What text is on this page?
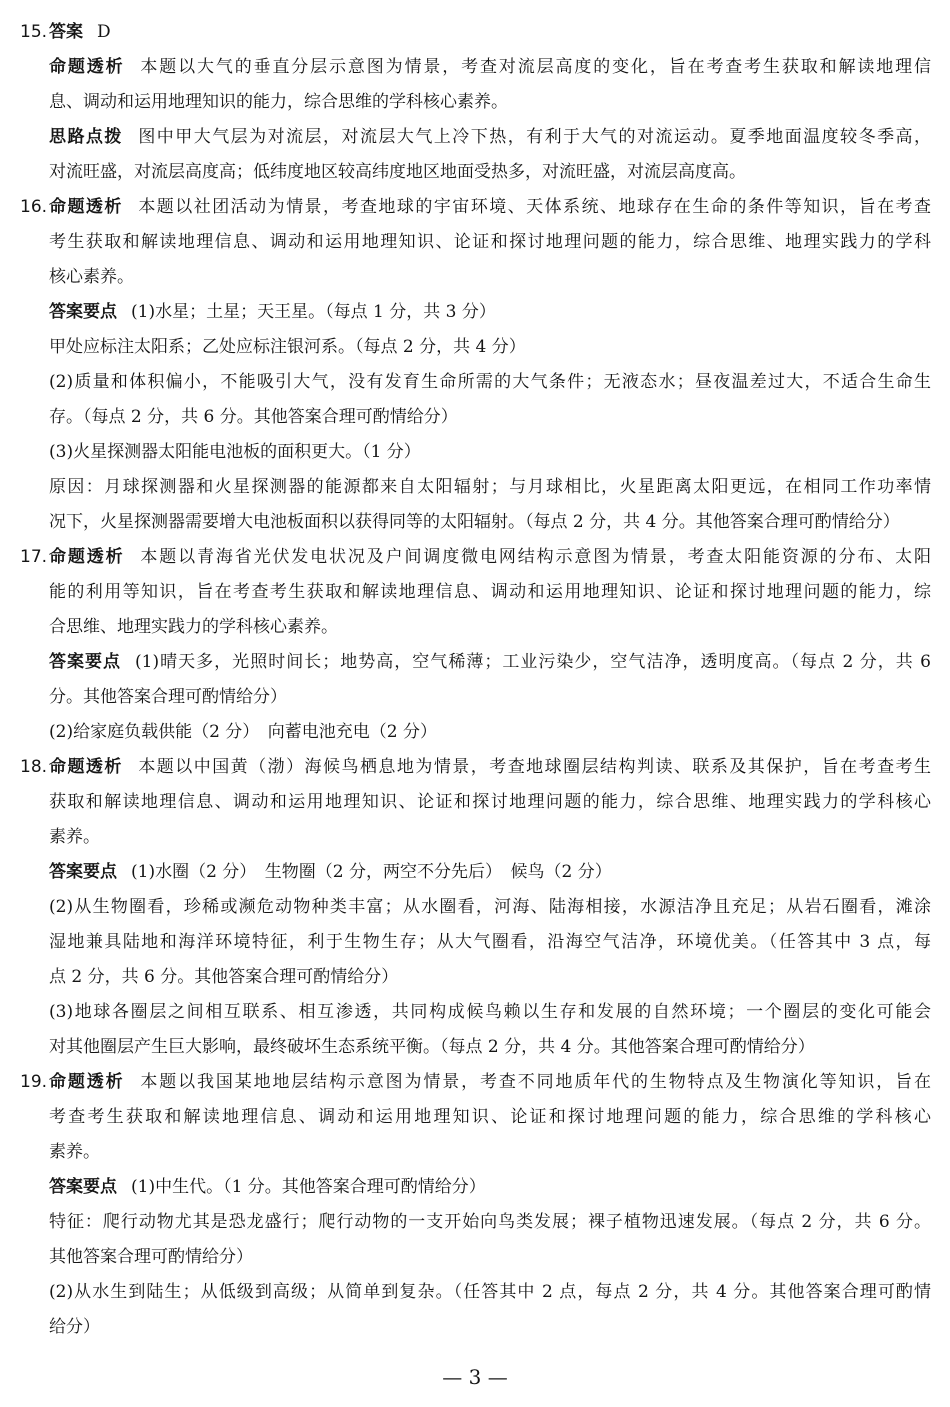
15. 答案 D
命题透析 本题以大气的垂直分层示意图为情景，考查对流层高度的变化，旨在考查考生获取和解读地理信
息、调动和运用地理知识的能力，综合思维的学科核心素养。
思路点拨 图中甲大气层为对流层，对流层大气上冷下热，有利于大气的对流运动。夏季地面温度较冬季高，
对流旺盛，对流层高度高；低纬度地区较高纬度地区地面受热多，对流旺盛，对流层高度高。
16. 命题透析 本题以社团活动为情景，考查地球的宇宙环境、天体系统、地球存在生命的条件等知识，旨在考查
考生获取和解读地理信息、调动和运用地理知识、论证和探讨地理问题的能力，综合思维、地理实践力的学科
核心素养。
答案要点 (1)水星；土星；天王星。（每点 1 分，共 3 分）
甲处应标注太阳系；乙处应标注银河系。（每点 2 分，共 4 分）
(2)质量和体积偏小，不能吸引大气，没有发育生命所需的大气条件；无液态水；昼夜温差过大，不适合生命生
存。（每点 2 分，共 6 分。其他答案合理可酌情给分）
(3)火星探测器太阳能电池板的面积更大。（1 分）
原因：月球探测器和火星探测器的能源都来自太阳辐射；与月球相比，火星距离太阳更远，在相同工作功率情
况下，火星探测器需要增大电池板面积以获得同等的太阳辐射。（每点 2 分，共 4 分。其他答案合理可酌情给分）
17. 命题透析 本题以青海省光伏发电状况及户间调度微电网结构示意图为情景，考查太阳能资源的分布、太阳
能的利用等知识，旨在考查考生获取和解读地理信息、调动和运用地理知识、论证和探讨地理问题的能力，综
合思维、地理实践力的学科核心素养。
答案要点 (1)晴天多，光照时间长；地势高，空气稀薄；工业污染少，空气洁净，透明度高。（每点 2 分，共 6
分。其他答案合理可酌情给分）
(2)给家庭负载供能（2 分）　向蓄电池充电（2 分）
18. 命题透析 本题以中国黄（渤）海候鸟栖息地为情景，考查地球圈层结构判读、联系及其保护，旨在考查考生
获取和解读地理信息、调动和运用地理知识、论证和探讨地理问题的能力，综合思维、地理实践力的学科核心
素养。
答案要点 (1)水圈（2 分）　生物圈（2 分，两空不分先后）　候鸟（2 分）
(2)从生物圈看，珍稀或濒危动物种类丰富；从水圈看，河海、陆海相接，水源洁净且充足；从岩石圈看，滩涂
湿地兼具陆地和海洋环境特征，利于生物生存；从大气圈看，沿海空气洁净，环境优美。（任答其中 3 点，每
点 2 分，共 6 分。其他答案合理可酌情给分）
(3)地球各圈层之间相互联系、相互渗透，共同构成候鸟赖以生存和发展的自然环境；一个圈层的变化可能会
对其他圈层产生巨大影响，最终破坏生态系统平衡。（每点 2 分，共 4 分。其他答案合理可酌情给分）
19. 命题透析 本题以我国某地地层结构示意图为情景，考查不同地质年代的生物特点及生物演化等知识，旨在
考查考生获取和解读地理信息、调动和运用地理知识、论证和探讨地理问题的能力，综合思维的学科核心
素养。
答案要点 (1)中生代。（1 分。其他答案合理可酌情给分）
特征：爬行动物尤其是恐龙盛行；爬行动物的一支开始向鸟类发展；裸子植物迅速发展。（每点 2 分，共 6 分。
其他答案合理可酌情给分）
(2)从水生到陆生；从低级到高级；从简单到复杂。（任答其中 2 点，每点 2 分，共 4 分。其他答案合理可酌情
给分）
— 3 —
